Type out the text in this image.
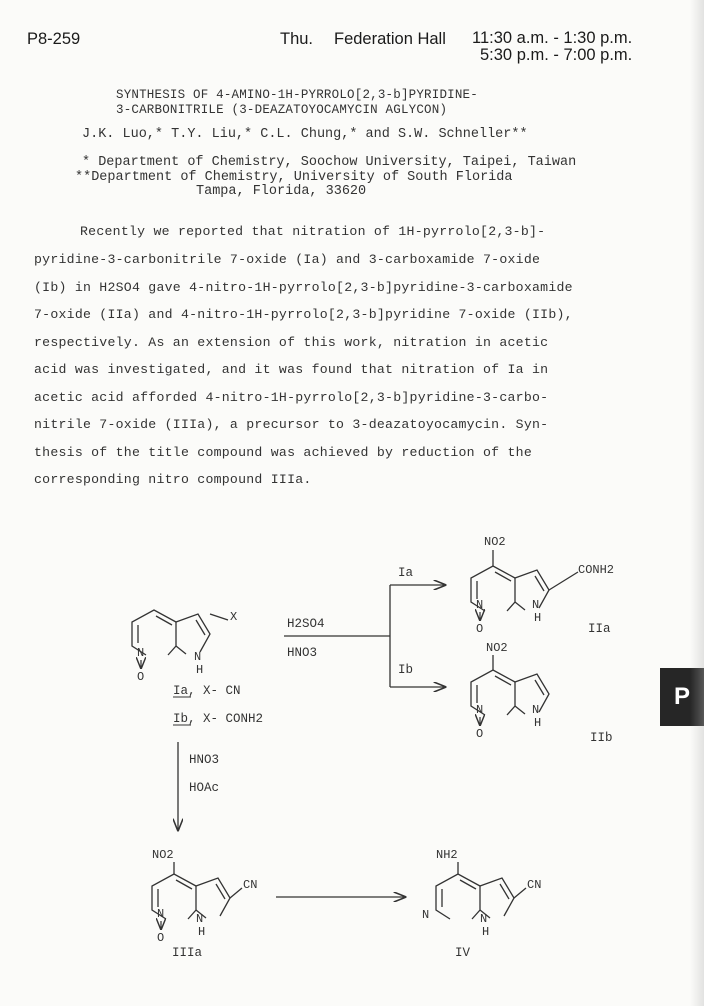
P8-259	Thu. Federation Hall 11:30 a.m. - 1:30 p.m.
5:30 p.m. - 7:00 p.m.
SYNTHESIS OF 4-AMINO-1H-PYRROLO[2,3-b]PYRIDINE-
3-CARBONITRILE (3-DEAZATOYOCAMYCIN AGLYCON)
J.K. Luo,* T.Y. Liu,* C.L. Chung,* and S.W. Schneller**
* Department of Chemistry, Soochow University, Taipei, Taiwan
**Department of Chemistry, University of South Florida
Tampa, Florida, 33620
Recently we reported that nitration of 1H-pyrrolo[2,3-b]-
pyridine-3-carbonitrile 7-oxide (Ia) and 3-carboxamide 7-oxide
(Ib) in H2SO4 gave 4-nitro-1H-pyrrolo[2,3-b]pyridine-3-carboxamide
7-oxide (IIa) and 4-nitro-1H-pyrrolo[2,3-b]pyridine 7-oxide (IIb),
respectively. As an extension of this work, nitration in acetic
acid was investigated, and it was found that nitration of Ia in
acetic acid afforded 4-nitro-1H-pyrrolo[2,3-b]pyridine-3-carbo-
nitrile 7-oxide (IIIa), a precursor to 3-deazatoyocamycin. Syn-
thesis of the title compound was achieved by reduction of the
corresponding nitro compound IIIa.
N	N
H
O
X
Ia, X- CN
Ib, X- CONH2
H2SO4
HNO3
Ia
Ib
NO2
CONH2
N	N
H
O	IIa
NO2
N	N
H
O	IIb
HNO3
HOAc
NO2
CN
N	N
H
O
IIIa
NH2
CN
N	N
H
IV
P
